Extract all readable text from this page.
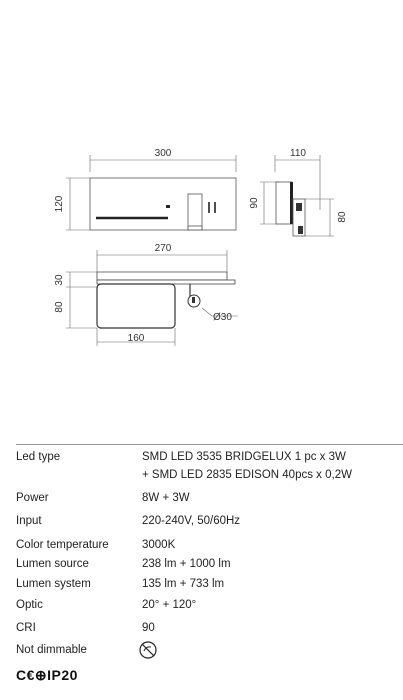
300
120
110
90
80
270
30
80
Ø30
160
Led type	SMD LED 3535 BRIDGELUX 1 pc x 3W
+ SMD LED 2835 EDISON 40pcs x 0,2W
Power	8W + 3W
Input	220-240V, 50/60Hz
Color temperature	3000K
Lumen source	238 lm + 1000 lm
Lumen system	135 lm + 733 lm
Optic	20° + 120°
CRI	90
Not dimmable
C€⊕IP20
